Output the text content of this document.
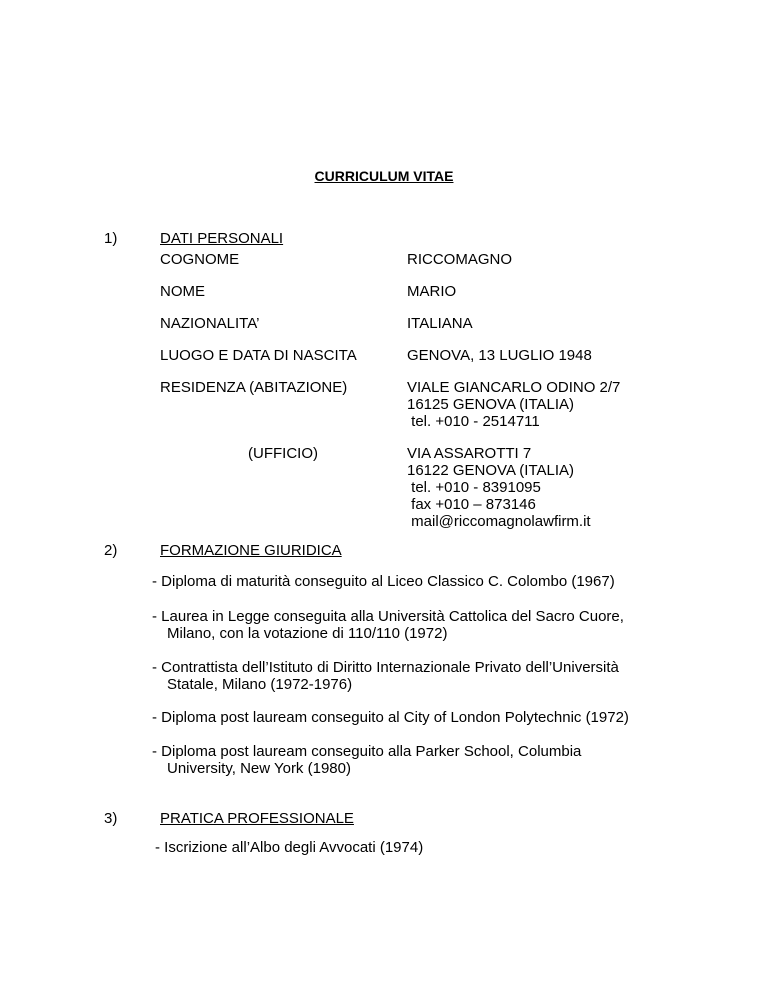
CURRICULUM VITAE
1)	DATI PERSONALI
COGNOME	RICCOMAGNO
NOME	MARIO
NAZIONALITA’	ITALIANA
LUOGO E DATA DI NASCITA	GENOVA, 13 LUGLIO 1948
RESIDENZA (ABITAZIONE)	VIALE GIANCARLO ODINO 2/7
16125 GENOVA (ITALIA)
tel. +010 - 2514711
(UFFICIO)	VIA ASSAROTTI 7
16122 GENOVA (ITALIA)
tel. +010 - 8391095
fax +010 – 873146
mail@riccomagnolawfirm.it
2)	FORMAZIONE GIURIDICA
- Diploma di maturità conseguito al Liceo Classico C. Colombo (1967)
- Laurea in Legge conseguita alla Università Cattolica del Sacro Cuore,
Milano, con la votazione di 110/110 (1972)
- Contrattista dell’Istituto di Diritto Internazionale Privato dell’Università
Statale, Milano (1972-1976)
- Diploma post lauream conseguito al City of London Polytechnic (1972)
- Diploma post lauream conseguito alla Parker School, Columbia
University, New York (1980)
3)	PRATICA PROFESSIONALE
- Iscrizione all’Albo degli Avvocati (1974)
